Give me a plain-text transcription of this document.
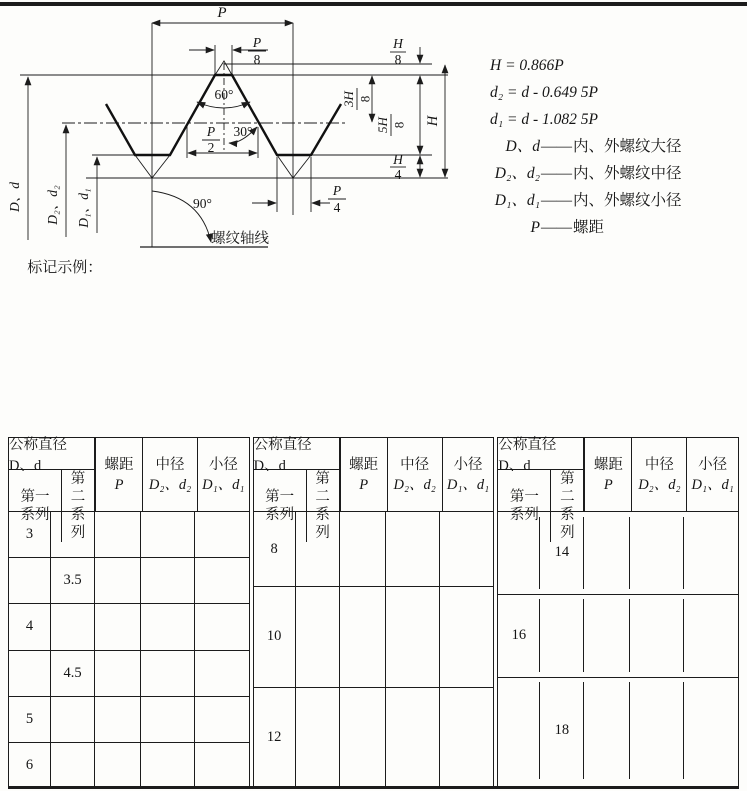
P
P
8
60°
30°
P
2
P
4
H
8
H
4
3H 8
5H 8 H
D、d D₂、d₂ D₁、d₁	90°
螺纹轴线
H = 0.866P
d₂ = d - 0.649 5P
d₁ = d - 1.082 5P
D、d —— 内、外螺纹大径
D₂、d₂ —— 内、外螺纹中径
D₁、d₁ —— 内、外螺纹小径
P —— 螺距

标记示例：

公称直径 D、d
第一系列
第二系列
螺距
P
中径
D₂、d₂
小径
D₁、d₁
3
3.5
4
4.5
5
6
公称直径 D、d
第一系列
第二系列
螺距
P
中径
D₂、d₂
小径
D₁、d₁
8
10
12
公称直径 D、d
第一系列
第二系列
螺距
P
中径
D₂、d₂
小径
D₁、d₁
14
16
18
